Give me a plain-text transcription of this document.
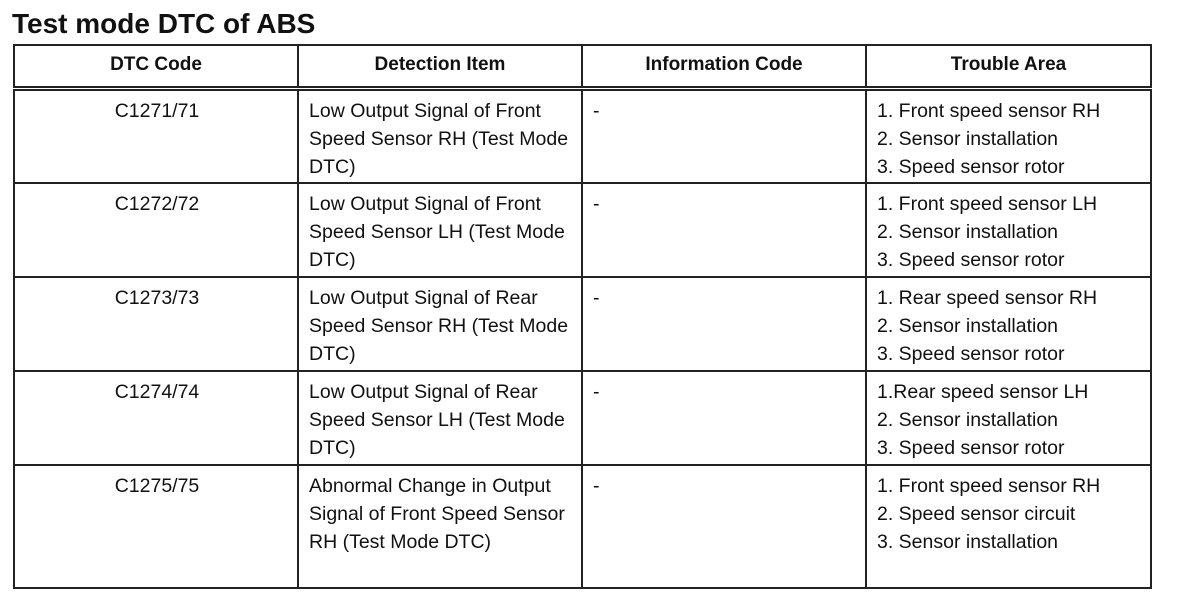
Test mode DTC of ABS
DTC Code	Detection Item	Information Code	Trouble Area
C1271/71	Low Output Signal of Front Speed Sensor RH (Test Mode DTC)	-	1. Front speed sensor RH
2. Sensor installation
3. Speed sensor rotor

C1272/72	Low Output Signal of Front Speed Sensor LH (Test Mode DTC)	-	1. Front speed sensor LH
2. Sensor installation
3. Speed sensor rotor

C1273/73	Low Output Signal of Rear Speed Sensor RH (Test Mode DTC)	-	1. Rear speed sensor RH
2. Sensor installation
3. Speed sensor rotor

C1274/74	Low Output Signal of Rear Speed Sensor LH (Test Mode DTC)	-	1.Rear speed sensor LH
2. Sensor installation
3. Speed sensor rotor

C1275/75	Abnormal Change in Output Signal of Front Speed Sensor RH (Test Mode DTC)	-	1. Front speed sensor RH
2. Speed sensor circuit
3. Sensor installation
